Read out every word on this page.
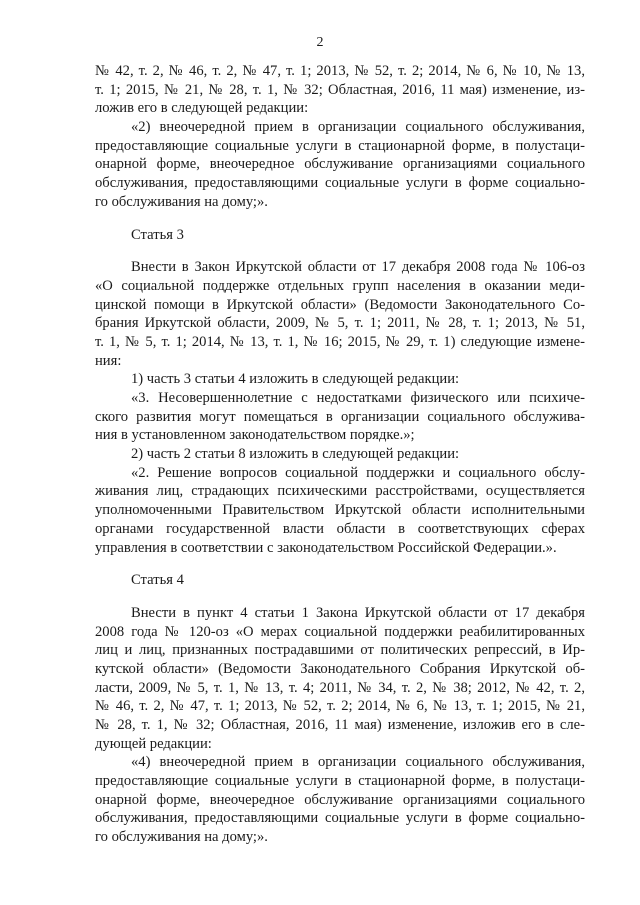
2
№ 42, т. 2, № 46, т. 2, № 47, т. 1; 2013, № 52, т. 2; 2014, № 6, № 10, № 13,
т. 1; 2015, № 21, № 28, т. 1, № 32; Областная, 2016, 11 мая) изменение, из-
ложив его в следующей редакции:
«2) внеочередной прием в организации социального обслуживания,
предоставляющие социальные услуги в стационарной форме, в полустаци-
онарной форме, внеочередное обслуживание организациями социального
обслуживания, предоставляющими социальные услуги в форме социально-
го обслуживания на дому;».
Статья 3
Внести в Закон Иркутской области от 17 декабря 2008 года № 106-оз
«О социальной поддержке отдельных групп населения в оказании меди-
цинской помощи в Иркутской области» (Ведомости Законодательного Со-
брания Иркутской области, 2009, № 5, т. 1; 2011, № 28, т. 1; 2013, № 51,
т. 1, № 5, т. 1; 2014, № 13, т. 1, № 16; 2015, № 29, т. 1) следующие измене-
ния:
1) часть 3 статьи 4 изложить в следующей редакции:
«3. Несовершеннолетние с недостатками физического или психиче-
ского развития могут помещаться в организации социального обслужива-
ния в установленном законодательством порядке.»;
2) часть 2 статьи 8 изложить в следующей редакции:
«2. Решение вопросов социальной поддержки и социального обслу-
живания лиц, страдающих психическими расстройствами, осуществляется
уполномоченными Правительством Иркутской области исполнительными
органами государственной власти области в соответствующих сферах
управления в соответствии с законодательством Российской Федерации.».
Статья 4
Внести в пункт 4 статьи 1 Закона Иркутской области от 17 декабря
2008 года № 120-оз «О мерах социальной поддержки реабилитированных
лиц и лиц, признанных пострадавшими от политических репрессий, в Ир-
кутской области» (Ведомости Законодательного Собрания Иркутской об-
ласти, 2009, № 5, т. 1, № 13, т. 4; 2011, № 34, т. 2, № 38; 2012, № 42, т. 2,
№ 46, т. 2, № 47, т. 1; 2013, № 52, т. 2; 2014, № 6, № 13, т. 1; 2015, № 21,
№ 28, т. 1, № 32; Областная, 2016, 11 мая) изменение, изложив его в сле-
дующей редакции:
«4) внеочередной прием в организации социального обслуживания,
предоставляющие социальные услуги в стационарной форме, в полустаци-
онарной форме, внеочередное обслуживание организациями социального
обслуживания, предоставляющими социальные услуги в форме социально-
го обслуживания на дому;».
